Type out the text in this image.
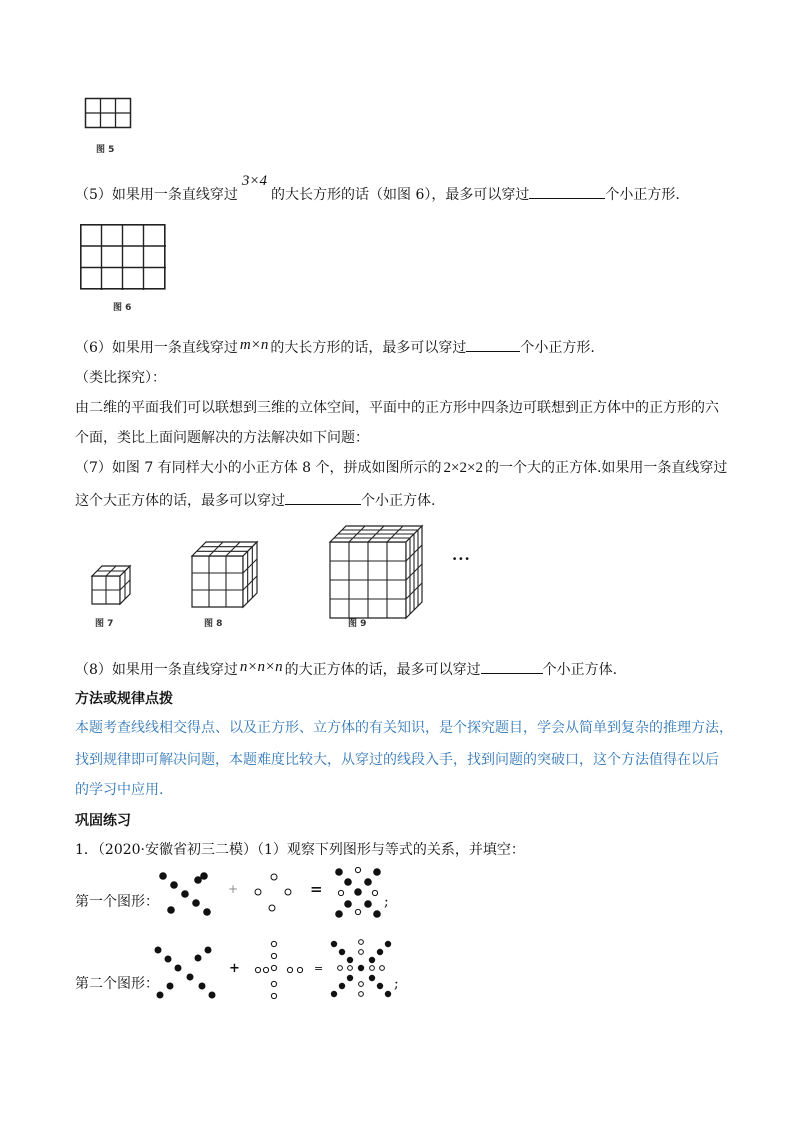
图 5
（5）如果用一条直线穿过3×4的大长方形的话（如图 6），最多可以穿过	个小正方形.
图 6
（6）如果用一条直线穿过 m×n 的大长方形的话，最多可以穿过	个小正方形.
（类比探究）：
由二维的平面我们可以联想到三维的立体空间，平面中的正方形中四条边可联想到正方体中的正方形的六
个面，类比上面问题解决的方法解决如下问题：
（7）如图 7 有同样大小的小正方体 8 个，拼成如图所示的 2×2×2 的一个大的正方体.如果用一条直线穿过
这个大正方体的话，最多可以穿过	个小正方体.
图 7	图 8	图 9
···
（8）如果用一条直线穿过 n×n×n 的大正方体的话，最多可以穿过	个小正方体.
方法或规律点拨
本题考查线线相交得点、以及正方形、立方体的有关知识，是个探究题目，学会从简单到复杂的推理方法，
找到规律即可解决问题，本题难度比较大，从穿过的线段入手，找到问题的突破口，这个方法值得在以后
的学习中应用.
巩固练习
1．（2020·安徽省初三二模）（1）观察下列图形与等式的关系，并填空：
第一个图形：
+	=
;
第二个图形：
+	=
;
